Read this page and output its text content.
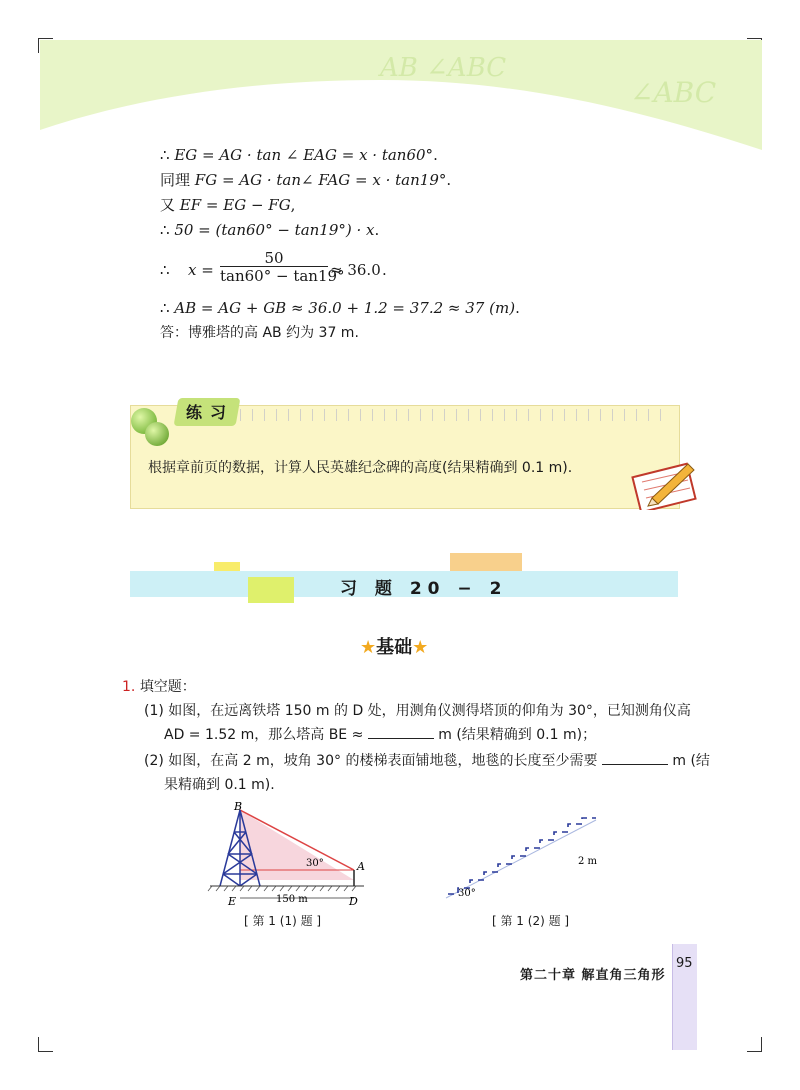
AB ∠ABC
∠ABC
∴ EG = AG · tan ∠ EAG = x · tan60°.
同理 FG = AG · tan∠ FAG = x · tan19°.
又 EF = EG − FG,
∴ 50 = (tan60° − tan19°) · x.
∴ x =
50
tan60° − tan19°
≈ 36.0 .
∴ AB = AG + GB ≈ 36.0 + 1.2 = 37.2 ≈ 37 (m).
答：博雅塔的高 AB 约为 37 m.
练习
根据章前页的数据，计算人民英雄纪念碑的高度(结果精确到 0.1 m).
习 题 20 − 2
★基础★
1. 填空题：
(1) 如图，在远离铁塔 150 m 的 D 处，用测角仪测得塔顶的仰角为 30°，已知测角仪高
AD = 1.52 m，那么塔高 BE ≈	m (结果精确到 0.1 m)；
(2) 如图，在高 2 m，坡角 30° 的楼梯表面铺地毯，地毯的长度至少需要	m (结
果精确到 0.1 m).
B
A
E	D
30°
150 m
[ 第 1 (1) 题 ]
30°
2 m
[ 第 1 (2) 题 ]
第二十章 解直角三角形
95
